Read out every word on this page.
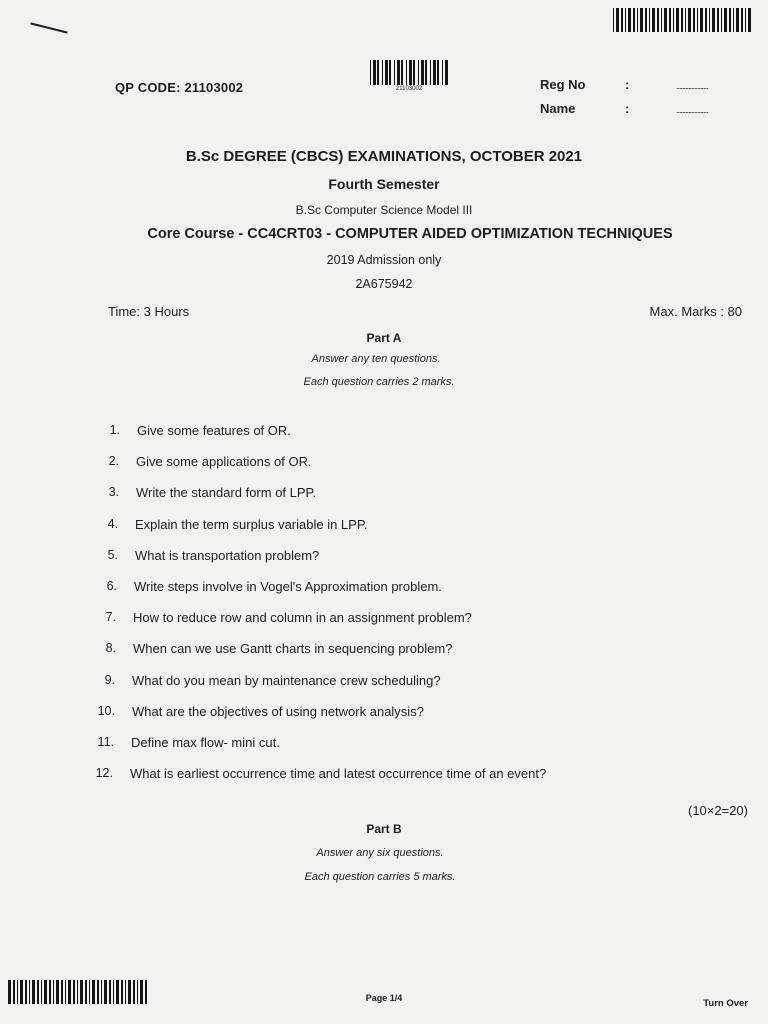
QP CODE: 21103002	21103002	Reg No	:	.....................
Name	:	.....................
B.Sc DEGREE (CBCS) EXAMINATIONS, OCTOBER 2021
Fourth Semester
B.Sc Computer Science Model III
Core Course - CC4CRT03 - COMPUTER AIDED OPTIMIZATION TECHNIQUES
2019 Admission only
2A675942
Time: 3 Hours	Max. Marks : 80
Part A
Answer any ten questions.
Each question carries 2 marks.
1. Give some features of OR.
2. Give some applications of OR.
3. Write the standard form of LPP.
4. Explain the term surplus variable in LPP.
5. What is transportation problem?
6. Write steps involve in Vogel's Approximation problem.
7. How to reduce row and column in an assignment problem?
8. When can we use Gantt charts in sequencing problem?
9. What do you mean by maintenance crew scheduling?
10. What are the objectives of using network analysis?
11. Define max flow- mini cut.
12. What is earliest occurrence time and latest occurrence time of an event?
(10×2=20)
Part B
Answer any six questions.
Each question carries 5 marks.
Page 1/4	Turn Over
